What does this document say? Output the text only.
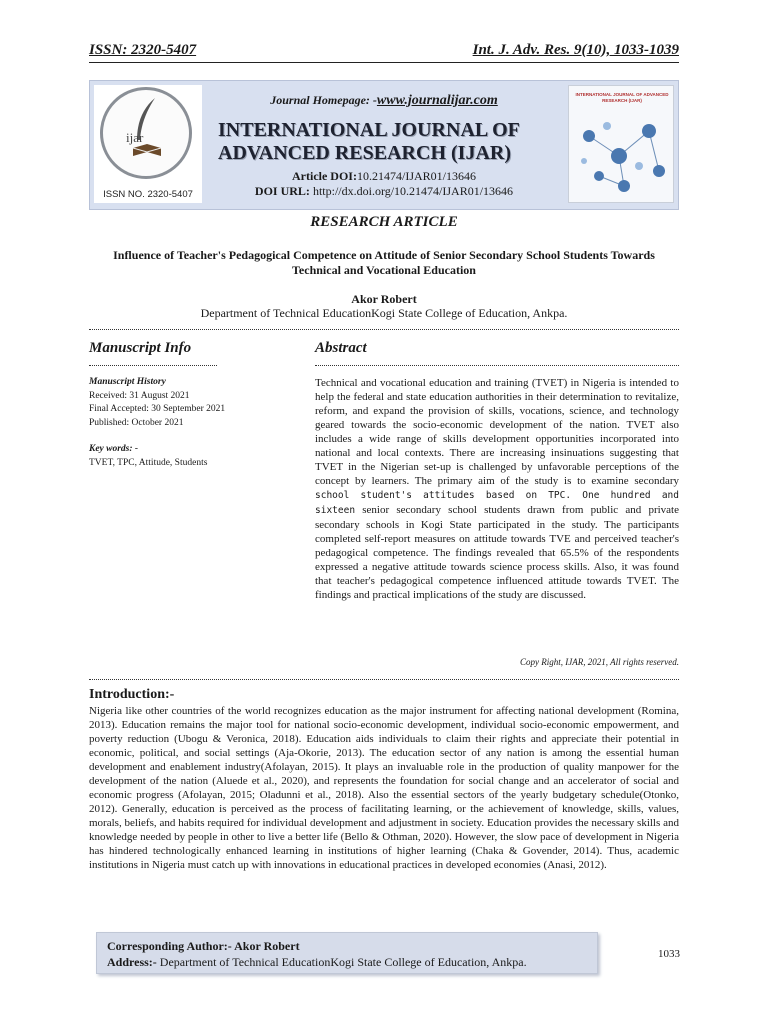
ISSN: 2320-5407	Int. J. Adv. Res. 9(10), 1033-1039
ijar
ISSN NO. 2320-5407
Journal Homepage: -www.journalijar.com
INTERNATIONAL JOURNAL OF ADVANCED RESEARCH (IJAR)
Article DOI:10.21474/IJAR01/13646
DOI URL: http://dx.doi.org/10.21474/IJAR01/13646
INTERNATIONAL JOURNAL OF ADVANCED RESEARCH (IJAR)
RESEARCH ARTICLE
Influence of Teacher's Pedagogical Competence on Attitude of Senior Secondary School Students Towards Technical and Vocational Education
Akor Robert
Department of Technical EducationKogi State College of Education, Ankpa.
Manuscript Info	Abstract
Manuscript History
Received: 31 August 2021
Final Accepted: 30 September 2021
Published: October 2021
Key words: -
TVET, TPC, Attitude, Students
Technical and vocational education and training (TVET) in Nigeria is intended to help the federal and state education authorities in their determination to revitalize, reform, and expand the provision of skills, vocations, science, and technology geared towards the socio-economic development of the nation. TVET also includes a wide range of skills development opportunities incorporated into national and local contexts. There are increasing insinuations suggesting that TVET in the Nigerian set-up is challenged by unfavorable perceptions of the concept by learners. The primary aim of the study is to examine secondary school student's attitudes based on TPC. One hundred and sixteen senior secondary school students drawn from public and private secondary schools in Kogi State participated in the study. The participants completed self-report measures on attitude towards TVE and perceived teacher's pedagogical competence. The findings revealed that 65.5% of the respondents expressed a negative attitude towards science process skills. Also, it was found that teacher's pedagogical competence influenced attitude towards TVET. The findings and practical implications of the study are discussed.
Copy Right, IJAR, 2021, All rights reserved.
Introduction:-
Nigeria like other countries of the world recognizes education as the major instrument for affecting national development (Romina, 2013). Education remains the major tool for national socio-economic development, individual socio-economic empowerment, and poverty reduction (Ubogu & Veronica, 2018). Education aids individuals to claim their rights and appreciate their potential in economic, political, and social settings (Aja-Okorie, 2013). The education sector of any nation is among the essential human development and enablement industry(Afolayan, 2015). It plays an invaluable role in the production of quality manpower for the development of the nation (Aluede et al., 2020), and represents the foundation for social change and an accelerator of social and economic progress (Afolayan, 2015; Oladunni et al., 2018). Also the essential sectors of the yearly budgetary schedule(Otonko, 2012). Generally, education is perceived as the process of facilitating learning, or the achievement of knowledge, skills, values, morals, beliefs, and habits required for individual development and adjustment in society. Education provides the necessary skills and knowledge needed by people in other to live a better life (Bello & Othman, 2020). However, the slow pace of development in Nigeria has hindered technologically enhanced learning in institutions of higher learning (Chaka & Govender, 2014). Thus, academic institutions in Nigeria must catch up with innovations in educational practices in developed economies (Anasi, 2012).
Corresponding Author:- Akor Robert
Address:- Department of Technical EducationKogi State College of Education, Ankpa.
1033
